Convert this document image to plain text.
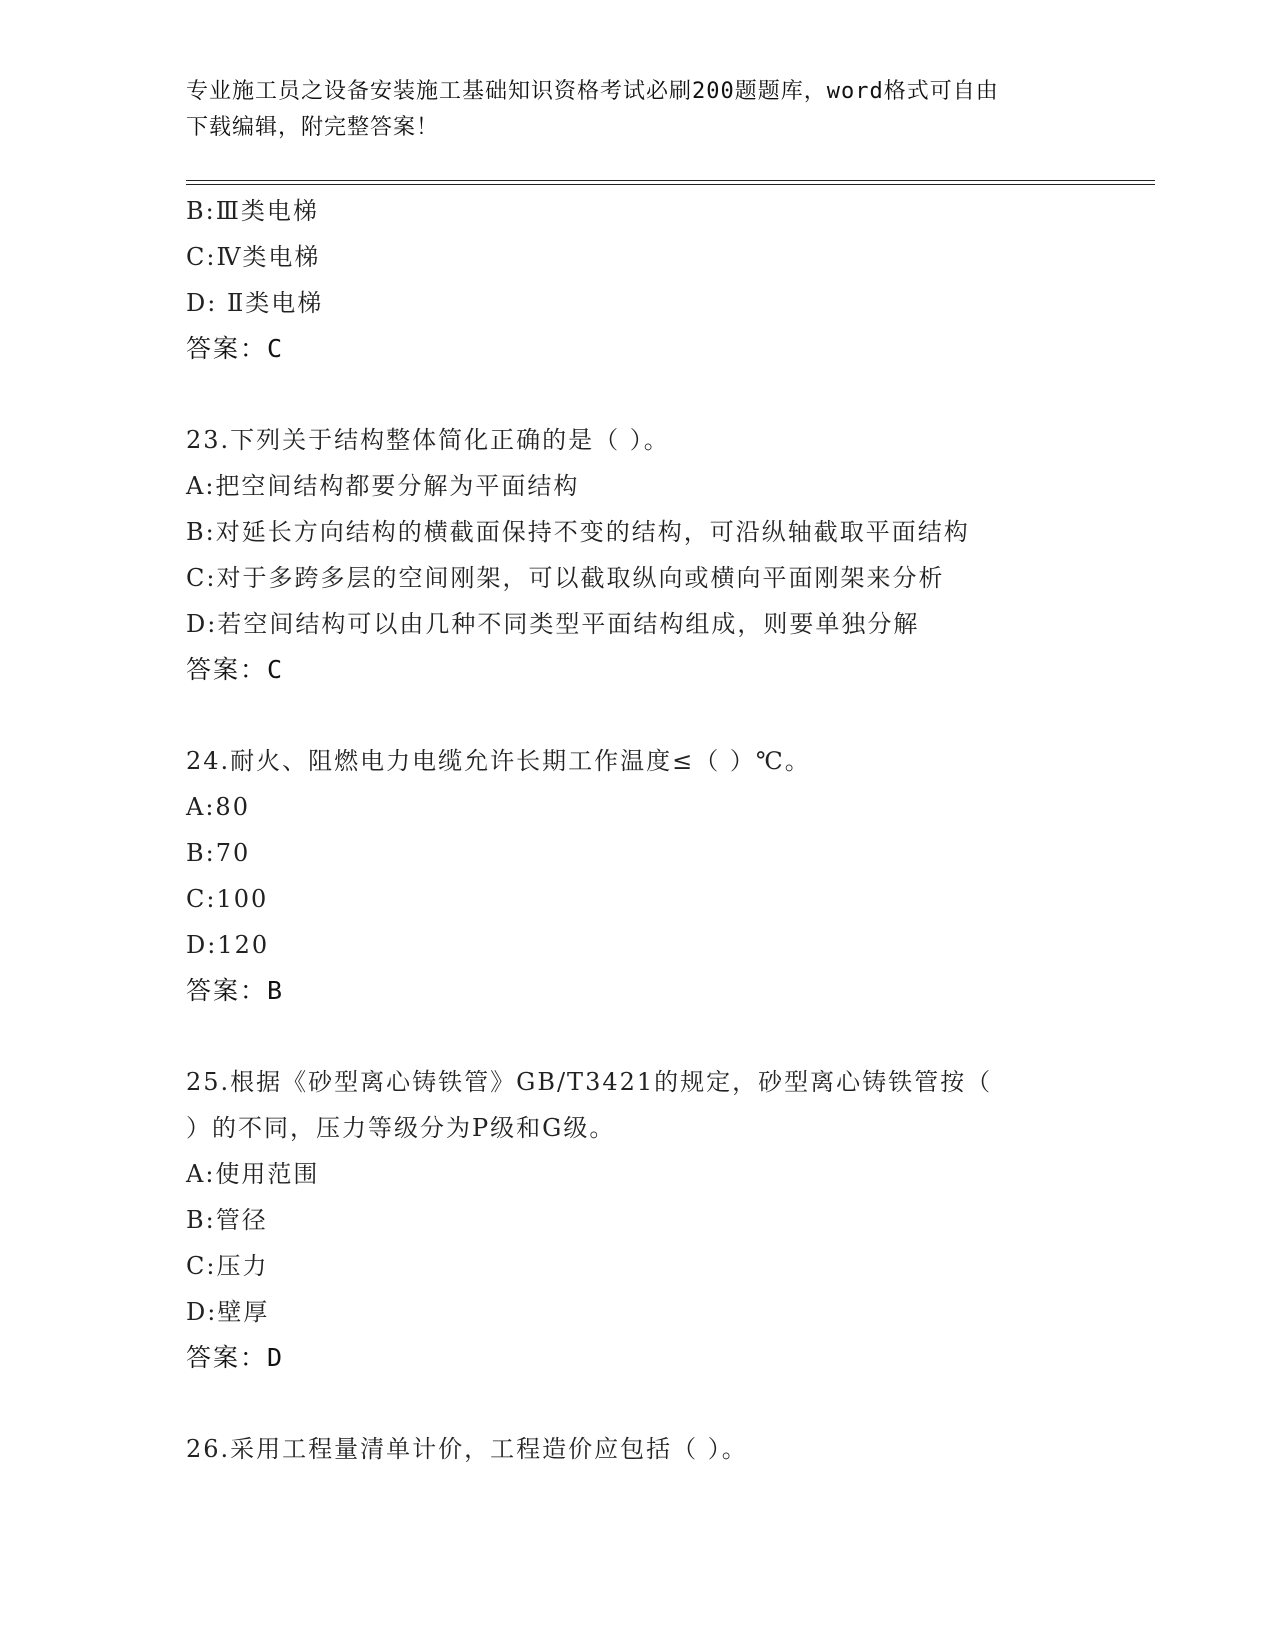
专业施工员之设备安装施工基础知识资格考试必刷200题题库，word格式可自由
下载编辑，附完整答案！
B:Ⅲ类电梯
C:Ⅳ类电梯
D: Ⅱ类电梯
答案：C
23.下列关于结构整体简化正确的是（ ）。
A:把空间结构都要分解为平面结构
B:对延长方向结构的横截面保持不变的结构，可沿纵轴截取平面结构
C:对于多跨多层的空间刚架，可以截取纵向或横向平面刚架来分析
D:若空间结构可以由几种不同类型平面结构组成，则要单独分解
答案：C
24.耐火、阻燃电力电缆允许长期工作温度≤（ ）℃。
A:80
B:70
C:100
D:120
答案：B
25.根据《砂型离心铸铁管》GB/T3421的规定，砂型离心铸铁管按（
）的不同，压力等级分为P级和G级。
A:使用范围
B:管径
C:压力
D:壁厚
答案：D
26.采用工程量清单计价，工程造价应包括（ ）。
